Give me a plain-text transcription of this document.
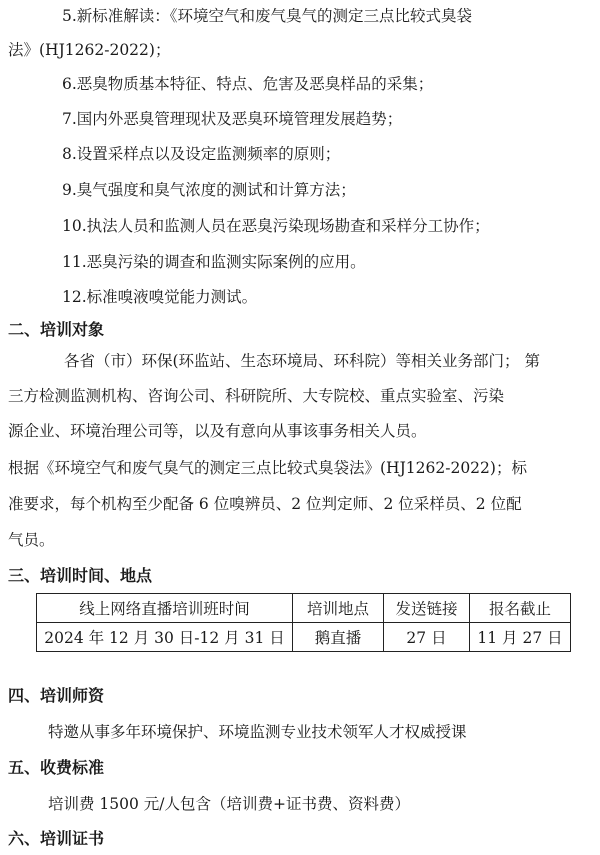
5.新标准解读：《环境空气和废气臭气的测定三点比较式臭袋
法》(HJ1262-2022)；
6.恶臭物质基本特征、特点、危害及恶臭样品的采集；
7.国内外恶臭管理现状及恶臭环境管理发展趋势；
8.设置采样点以及设定监测频率的原则；
9.臭气强度和臭气浓度的测试和计算方法；
10.执法人员和监测人员在恶臭污染现场勘查和采样分工协作；
11.恶臭污染的调查和监测实际案例的应用。
12.标准嗅液嗅觉能力测试。
二、培训对象
各省（市）环保(环监站、生态环境局、环科院）等相关业务部门； 第
三方检测监测机构、咨询公司、科研院所、大专院校、重点实验室、污染
源企业、环境治理公司等，以及有意向从事该事务相关人员。
根据《环境空气和废气臭气的测定三点比较式臭袋法》(HJ1262-2022)；标
准要求，每个机构至少配备 6 位嗅辨员、2 位判定师、2 位采样员、2 位配
气员。
三、培训时间、地点
线上网络直播培训班时间	培训地点	发送链接	报名截止
2024 年 12 月 30 日-12 月 31 日	鹅直播	27 日	11 月 27 日
四、培训师资
特邀从事多年环境保护、环境监测专业技术领军人才权威授课
五、收费标准
培训费 1500 元/人包含（培训费+证书费、资料费）
六、培训证书
